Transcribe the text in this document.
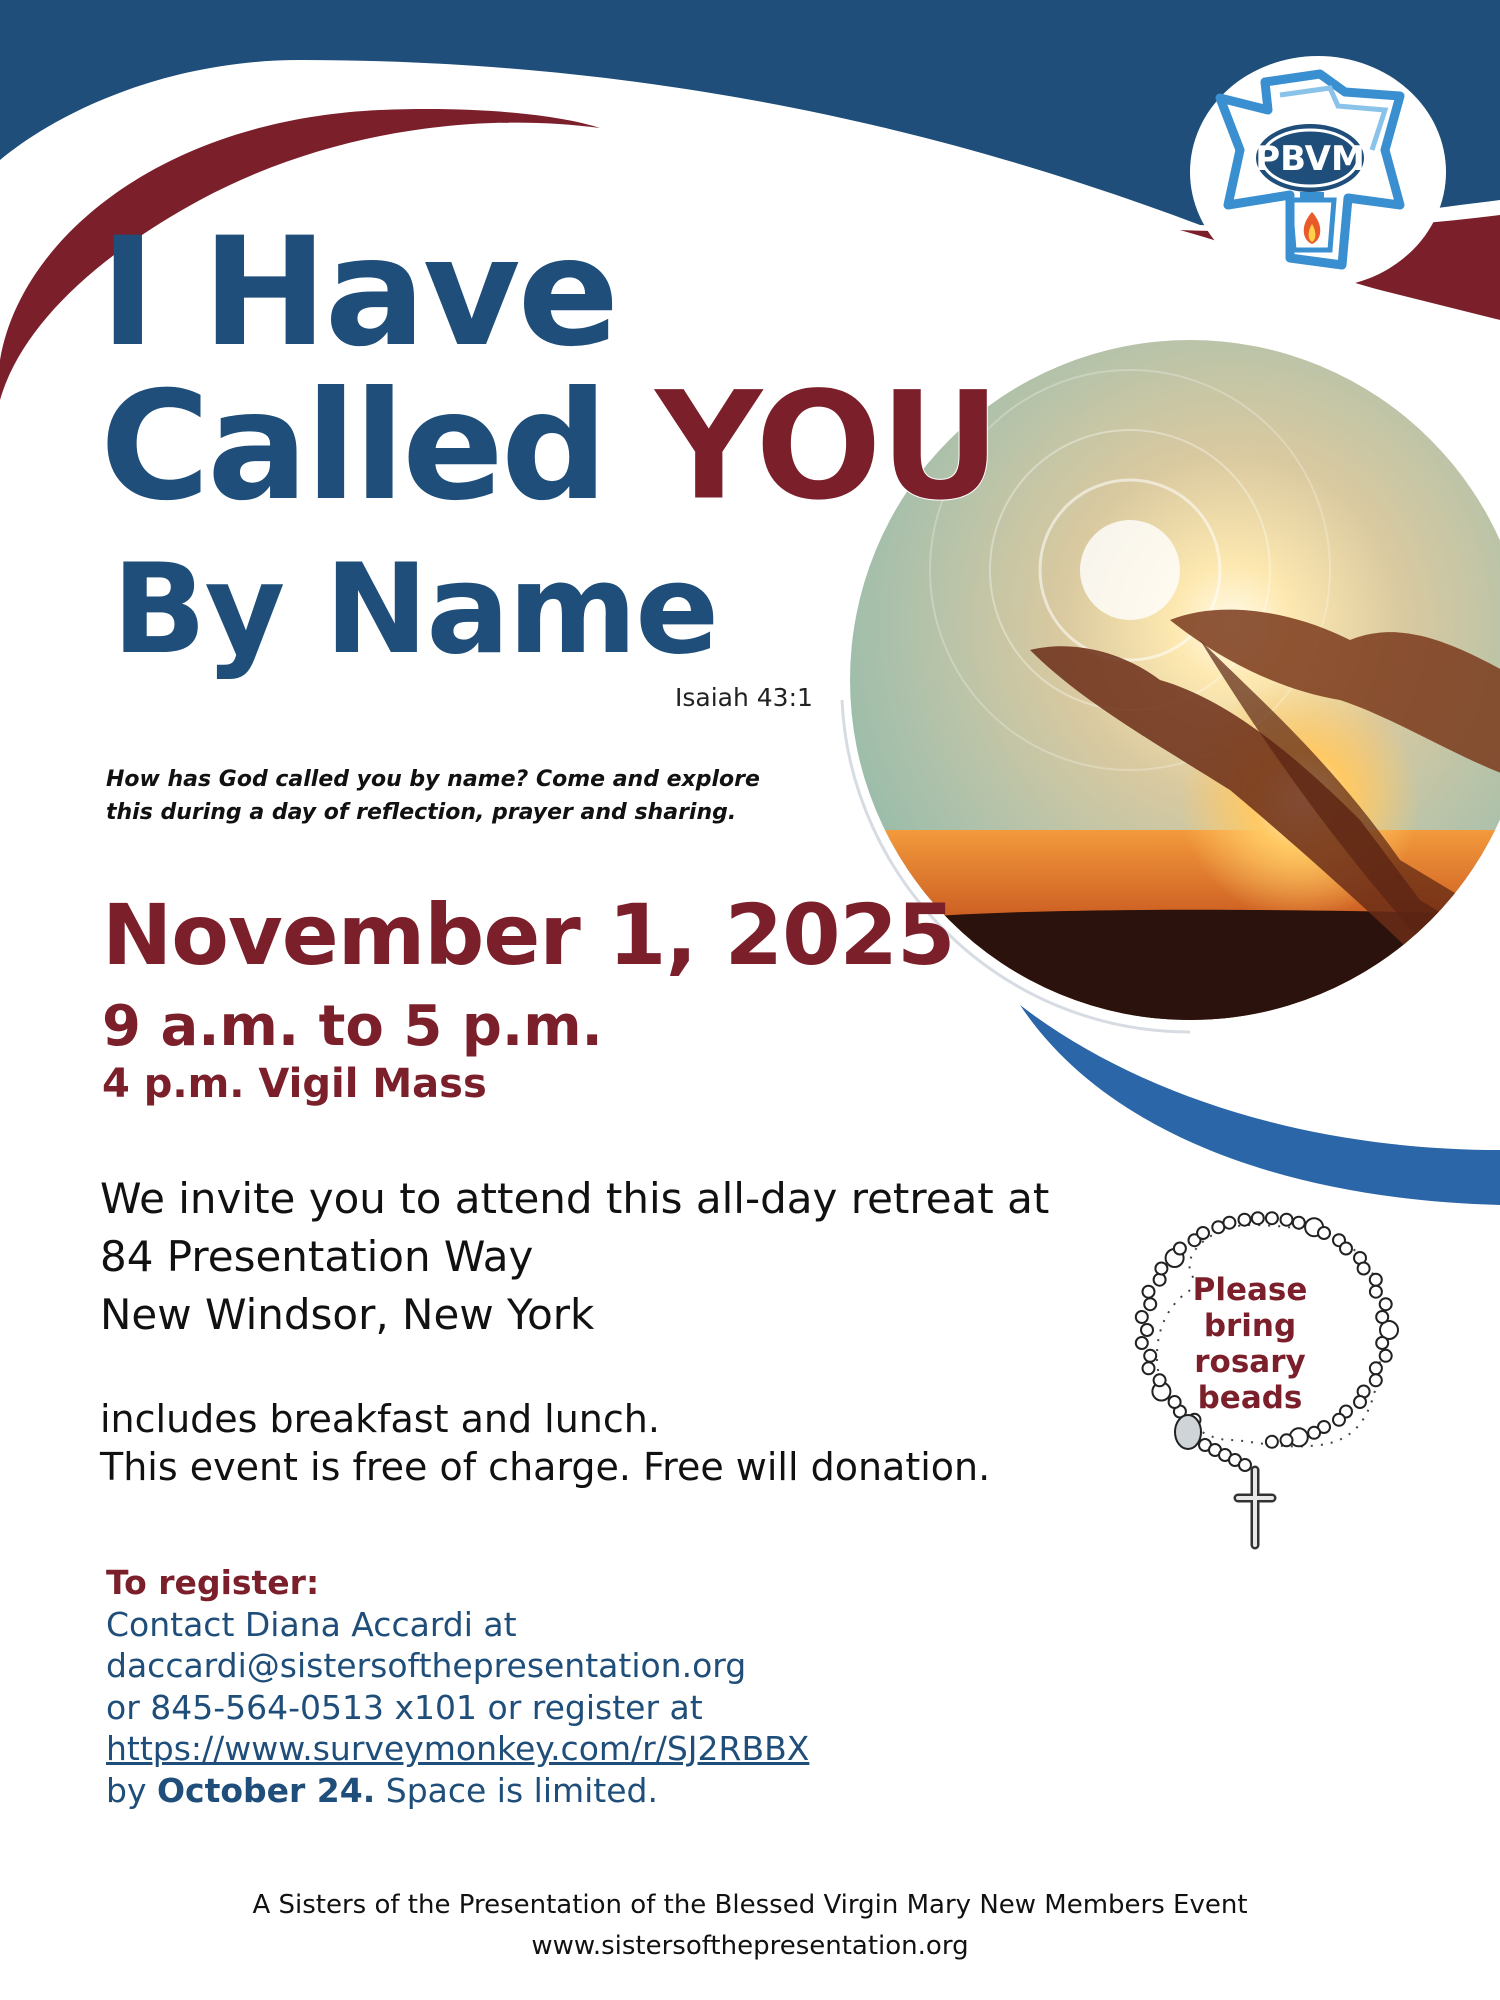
PBVM
I Have
Called YOU
By Name
Isaiah 43:1
How has God called you by name? Come and explore this during a day of reflection, prayer and sharing.
November 1, 2025
9 a.m. to 5 p.m.
4 p.m. Vigil Mass
We invite you to attend this all-day retreat at
84 Presentation Way
New Windsor, New York
includes breakfast and lunch.
This event is free of charge. Free will donation.
Please
bring
rosary
beads
To register:
Contact Diana Accardi at
daccardi@sistersofthepresentation.org
or 845-564-0513 x101 or register at
https://www.surveymonkey.com/r/SJ2RBBX
by October 24. Space is limited.
A Sisters of the Presentation of the Blessed Virgin Mary New Members Event
www.sistersofthepresentation.org
